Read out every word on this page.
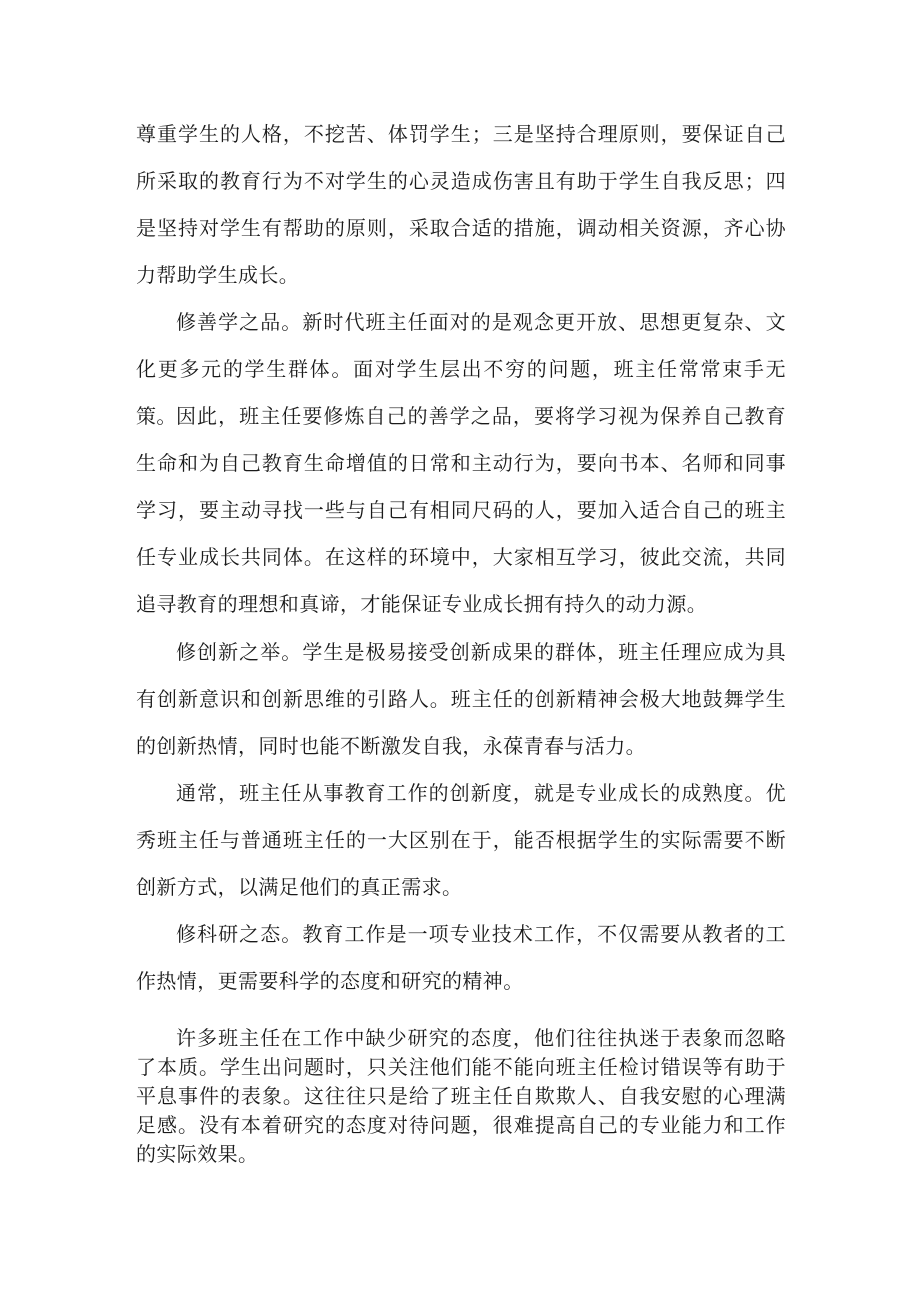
尊重学生的人格，不挖苦、体罚学生；三是坚持合理原则，要保证自己所采取的教育行为不对学生的心灵造成伤害且有助于学生自我反思；四是坚持对学生有帮助的原则，采取合适的措施，调动相关资源，齐心协力帮助学生成长。

修善学之品。新时代班主任面对的是观念更开放、思想更复杂、文化更多元的学生群体。面对学生层出不穷的问题，班主任常常束手无策。 因此，班主任要修炼自己的善学之品，要将学习视为保养自己教育生命和为自己教育生命增值的日常和主动行为，要向书本、名师和同事学习，要主动寻找一些与自己有相同尺码的人，要加入适合自己的班主任专业成长共同体。在这样的环境中，大家相互学习，彼此交流，共同追寻教育的理想和真谛，才能保证专业成长拥有持久的动力源。

修创新之举。学生是极易接受创新成果的群体，班主任理应成为具有创新意识和创新思维的引路人。班主任的创新精神会极大地鼓舞学生的创新热情，同时也能不断激发自我，永葆青春与活力。

通常，班主任从事教育工作的创新度，就是专业成长的成熟度。优秀班主任与普通班主任的一大区别在于，能否根据学生的实际需要不断创新方式，以满足他们的真正需求。

修科研之态。教育工作是一项专业技术工作，不仅需要从教者的工作热情，更需要科学的态度和研究的精神。

许多班主任在工作中缺少研究的态度，他们往往执迷于表象而忽略了本质。学生出问题时，只关注他们能不能向班主任检讨错误等有助于平息事件的表象。这往往只是给了班主任自欺欺人、自我安慰的心理满足感。没有本着研究的态度对待问题，很难提高自己的专业能力和工作的实际效果。
